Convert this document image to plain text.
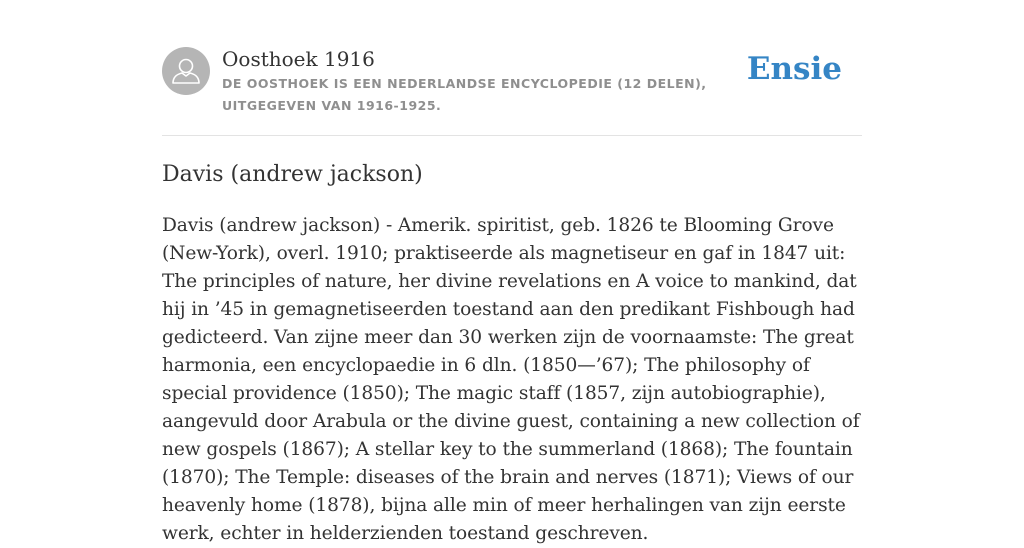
Oosthoek 1916

DE OOSTHOEK IS EEN NEDERLANDSE ENCYCLOPEDIE (12 DELEN), UITGEGEVEN VAN 1916-1925.

Ensie
Davis (andrew jackson)

Davis (andrew jackson) - Amerik. spiritist, geb. 1826 te Blooming Grove (New-York), overl. 1910; praktiseerde als magnetiseur en gaf in 1847 uit: The principles of nature, her divine revelations en A voice to mankind, dat hij in ’45 in gemagnetiseerden toestand aan den predikant Fishbough had gedicteerd. Van zijne meer dan 30 werken zijn de voornaamste: The great harmonia, een encyclopaedie in 6 dln. (1850—’67); The philosophy of special providence (1850); The magic staff (1857, zijn autobiographie), aangevuld door Arabula or the divine guest, containing a new collection of new gospels (1867); A stellar key to the summerland (1868); The fountain (1870); The Temple: diseases of the brain and nerves (1871); Views of our heavenly home (1878), bijna alle min of meer herhalingen van zijn eerste werk, echter in helderzienden toestand geschreven.
